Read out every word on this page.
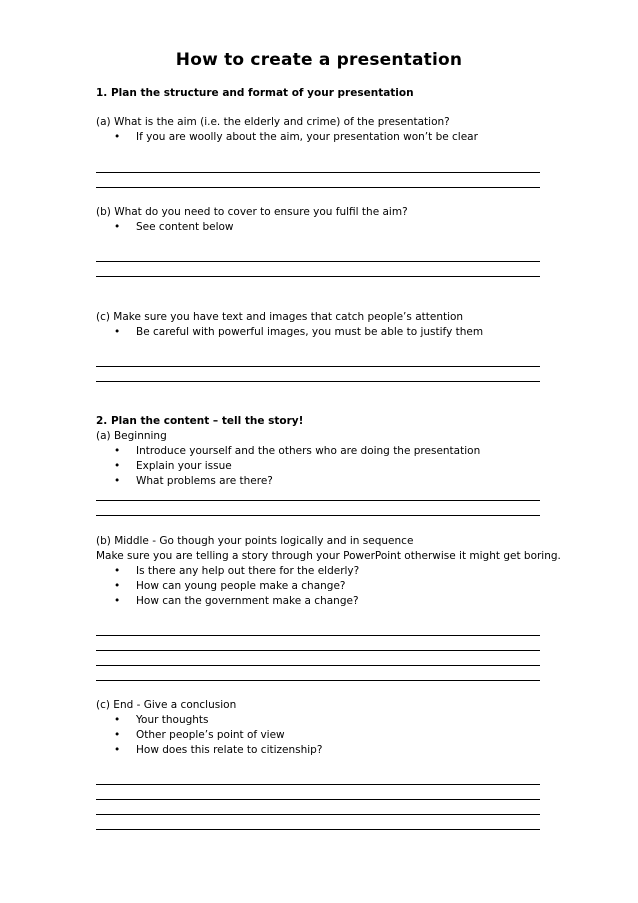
How to create a presentation
1. Plan the structure and format of your presentation
(a) What is the aim (i.e. the elderly and crime) of the presentation?
If you are woolly about the aim, your presentation won’t be clear
(b) What do you need to cover to ensure you fulfil the aim?
See content below
(c) Make sure you have text and images that catch people’s attention
Be careful with powerful images, you must be able to justify them
2. Plan the content – tell the story!
(a) Beginning
Introduce yourself and the others who are doing the presentation
Explain your issue
What problems are there?
(b) Middle - Go though your points logically and in sequence
Make sure you are telling a story through your PowerPoint otherwise it might get boring.
Is there any help out there for the elderly?
How can young people make a change?
How can the government make a change?
(c) End - Give a conclusion
Your thoughts
Other people’s point of view
How does this relate to citizenship?
